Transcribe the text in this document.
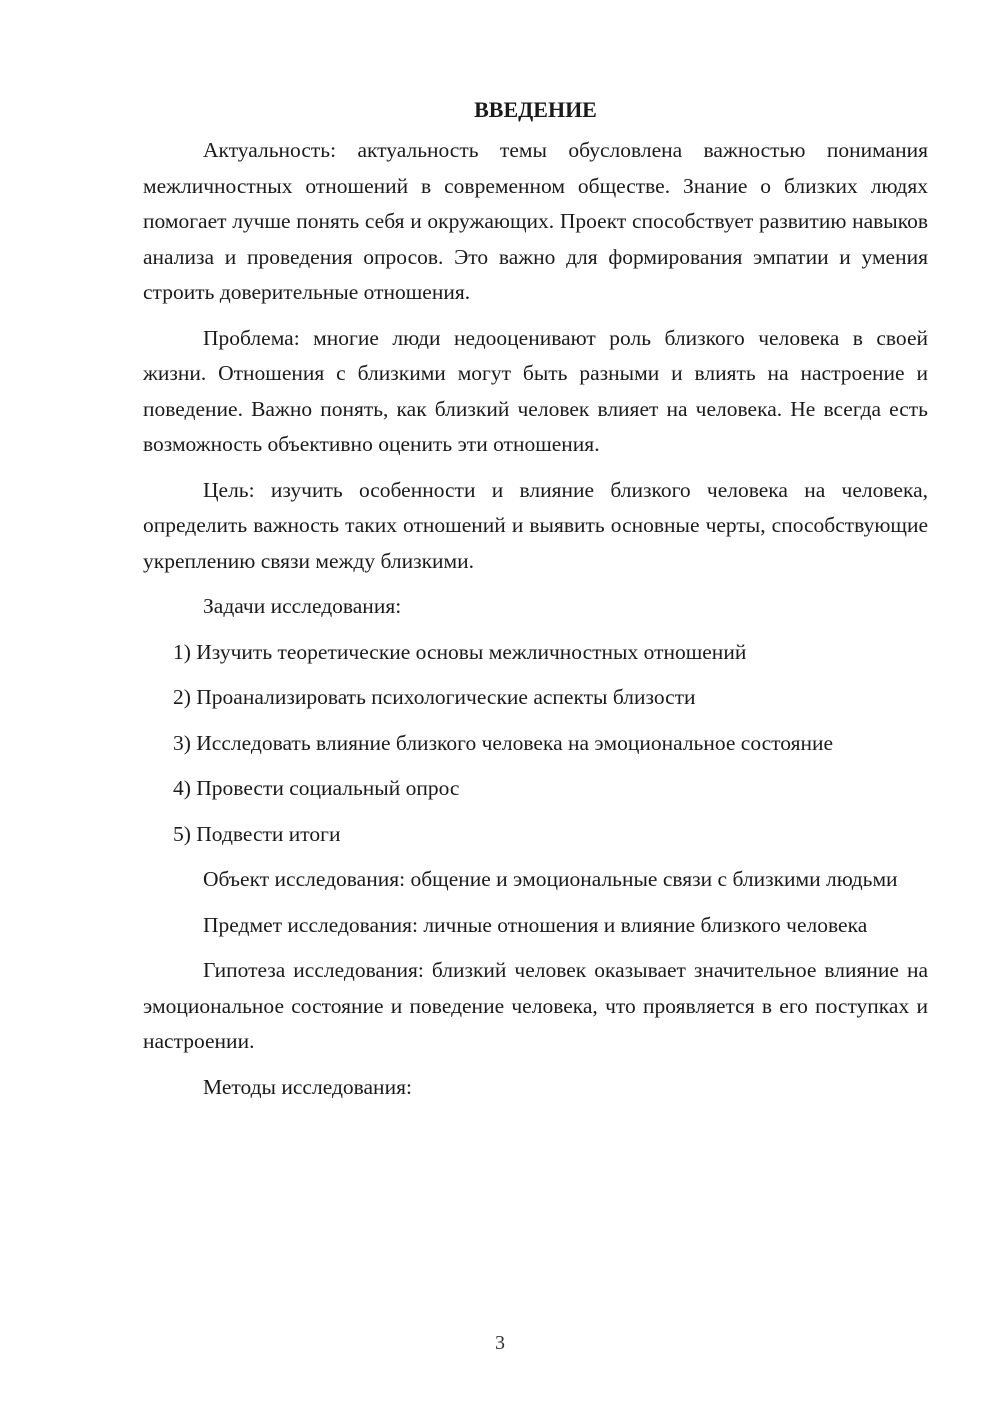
ВВЕДЕНИЕ

Актуальность: актуальность темы обусловлена важностью понимания межличностных отношений в современном обществе. Знание о близких людях помогает лучше понять себя и окружающих. Проект способствует развитию навыков анализа и проведения опросов. Это важно для формирования эмпатии и умения строить доверительные отношения.

Проблема: многие люди недооценивают роль близкого человека в своей жизни. Отношения с близкими могут быть разными и влиять на настроение и поведение. Важно понять, как близкий человек влияет на человека. Не всегда есть возможность объективно оценить эти отношения.

Цель: изучить особенности и влияние близкого человека на человека, определить важность таких отношений и выявить основные черты, способствующие укреплению связи между близкими.

Задачи исследования:

1) Изучить теоретические основы межличностных отношений

2) Проанализировать психологические аспекты близости

3) Исследовать влияние близкого человека на эмоциональное состояние

4) Провести социальный опрос

5) Подвести итоги

Объект исследования: общение и эмоциональные связи с близкими людьми

Предмет исследования: личные отношения и влияние близкого человека

Гипотеза исследования: близкий человек оказывает значительное влияние на эмоциональное состояние и поведение человека, что проявляется в его поступках и настроении.

Методы исследования:

3
